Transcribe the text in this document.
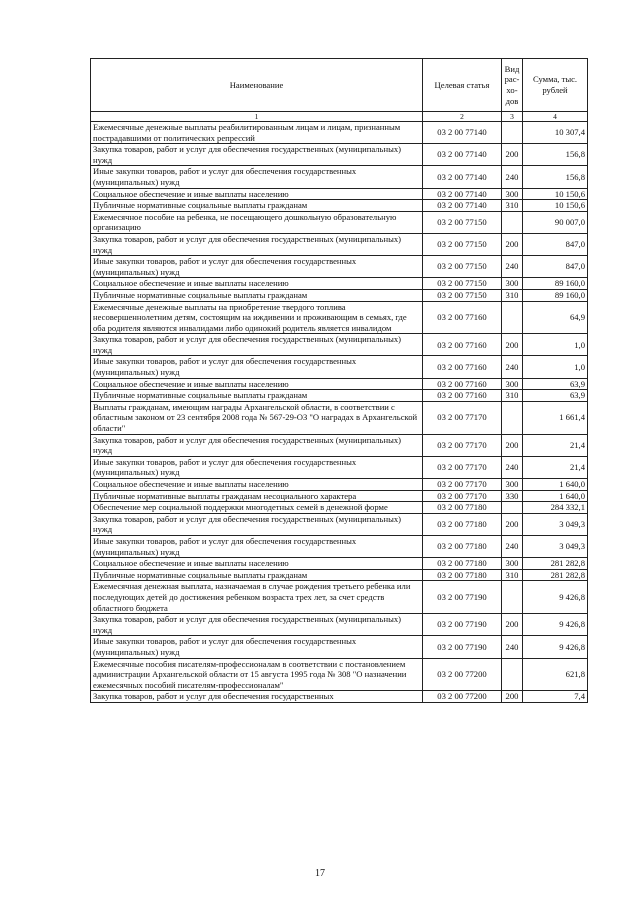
Наименование	Целевая статья	Вид рас- хо- дов	Сумма, тыс. рублей
1	2	3	4
Ежемесячные денежные выплаты реабилитированным лицам и лицам, признанным пострадавшими от политических репрессий	03 2 00 77140		10 307,4
Закупка товаров, работ и услуг для обеспечения государственных (муниципальных) нужд	03 2 00 77140	200	156,8
Иные закупки товаров, работ и услуг для обеспечения государственных (муниципальных) нужд	03 2 00 77140	240	156,8
Социальное обеспечение и иные выплаты населению	03 2 00 77140	300	10 150,6
Публичные нормативные социальные выплаты гражданам	03 2 00 77140	310	10 150,6
Ежемесячное пособие на ребенка, не посещающего дошкольную образовательную организацию	03 2 00 77150		90 007,0
Закупка товаров, работ и услуг для обеспечения государственных (муниципальных) нужд	03 2 00 77150	200	847,0
Иные закупки товаров, работ и услуг для обеспечения государственных (муниципальных) нужд	03 2 00 77150	240	847,0
Социальное обеспечение и иные выплаты населению	03 2 00 77150	300	89 160,0
Публичные нормативные социальные выплаты гражданам	03 2 00 77150	310	89 160,0
Ежемесячные денежные выплаты на приобретение твердого топлива несовершеннолетним детям, состоящим на иждивении и проживающим в семьях, где оба родителя являются инвалидами либо одинокий родитель является инвалидом	03 2 00 77160		64,9
Закупка товаров, работ и услуг для обеспечения государственных (муниципальных) нужд	03 2 00 77160	200	1,0
Иные закупки товаров, работ и услуг для обеспечения государственных (муниципальных) нужд	03 2 00 77160	240	1,0
Социальное обеспечение и иные выплаты населению	03 2 00 77160	300	63,9
Публичные нормативные социальные выплаты гражданам	03 2 00 77160	310	63,9
Выплаты гражданам, имеющим награды Архангельской области, в соответствии с областным законом от 23 сентября 2008 года № 567-29-ОЗ "О наградах в Архангельской области"	03 2 00 77170		1 661,4
Закупка товаров, работ и услуг для обеспечения государственных (муниципальных) нужд	03 2 00 77170	200	21,4
Иные закупки товаров, работ и услуг для обеспечения государственных (муниципальных) нужд	03 2 00 77170	240	21,4
Социальное обеспечение и иные выплаты населению	03 2 00 77170	300	1 640,0
Публичные нормативные выплаты гражданам несоциального характера	03 2 00 77170	330	1 640,0
Обеспечение мер социальной поддержки многодетных семей в денежной форме	03 2 00 77180		284 332,1
Закупка товаров, работ и услуг для обеспечения государственных (муниципальных) нужд	03 2 00 77180	200	3 049,3
Иные закупки товаров, работ и услуг для обеспечения государственных (муниципальных) нужд	03 2 00 77180	240	3 049,3
Социальное обеспечение и иные выплаты населению	03 2 00 77180	300	281 282,8
Публичные нормативные социальные выплаты гражданам	03 2 00 77180	310	281 282,8
Ежемесячная денежная выплата, назначаемая в случае рождения третьего ребенка или последующих детей до достижения ребенком возраста трех лет, за счет средств областного бюджета	03 2 00 77190		9 426,8
Закупка товаров, работ и услуг для обеспечения государственных (муниципальных) нужд	03 2 00 77190	200	9 426,8
Иные закупки товаров, работ и услуг для обеспечения государственных (муниципальных) нужд	03 2 00 77190	240	9 426,8
Ежемесячные пособия писателям-профессионалам в соответствии с постановлением администрации Архангельской области от 15 августа 1995 года № 308 "О назначении ежемесячных пособий писателям-профессионалам"	03 2 00 77200		621,8
Закупка товаров, работ и услуг для обеспечения государственных	03 2 00 77200	200	7,4
17
